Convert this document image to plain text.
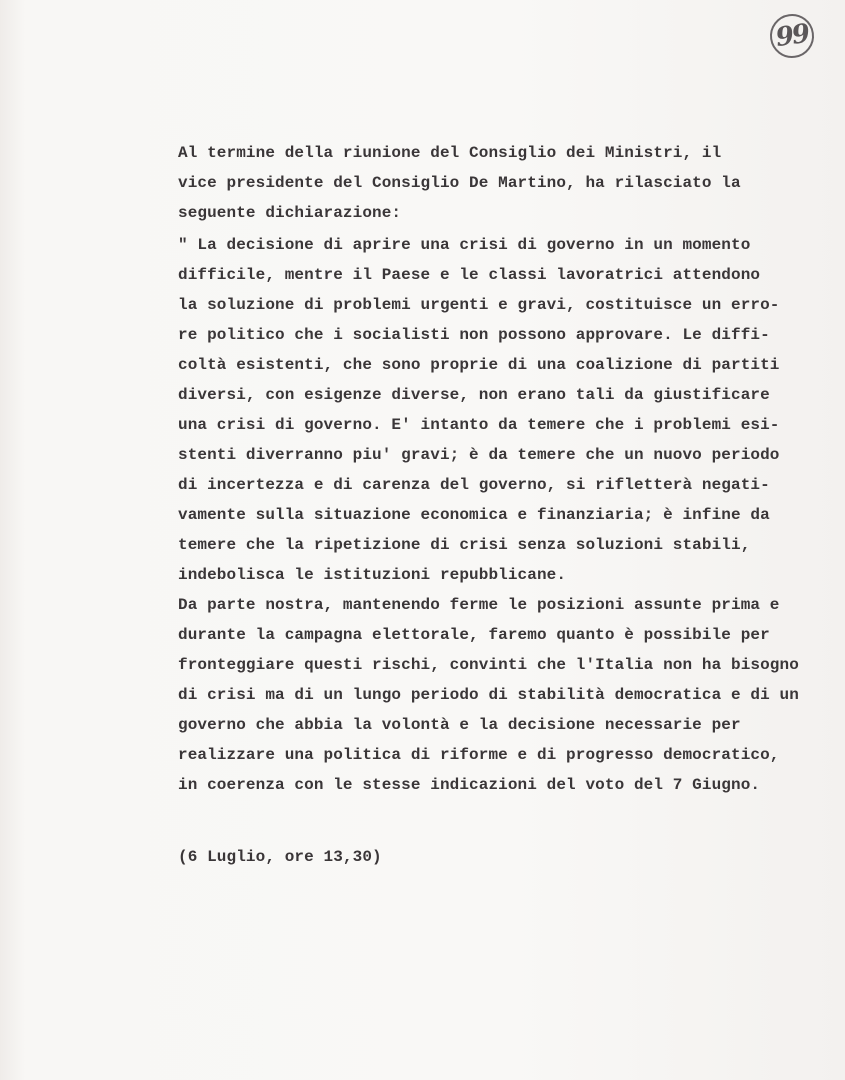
99
Al termine della riunione del Consiglio dei Ministri, il
vice presidente del Consiglio De Martino, ha rilasciato la
seguente dichiarazione:
" La decisione di aprire una crisi di governo in un momento
difficile, mentre il Paese e le classi lavoratrici attendono
la soluzione di problemi urgenti e gravi, costituisce un erro-
re politico che i socialisti non possono approvare. Le diffi-
coltà esistenti, che sono proprie di una coalizione di partiti
diversi, con esigenze diverse, non erano tali da giustificare
una crisi di governo. E' intanto da temere che i problemi esi-
stenti diverranno piu' gravi; è da temere che un nuovo periodo
di incertezza e di carenza del governo, si rifletterà negati-
vamente sulla situazione economica e finanziaria; è infine da
temere che la ripetizione di crisi senza soluzioni stabili,
indebolisca le istituzioni repubblicane.
Da parte nostra, mantenendo ferme le posizioni assunte prima e
durante la campagna elettorale, faremo quanto è possibile per
fronteggiare questi rischi, convinti che l'Italia non ha bisogno
di crisi ma di un lungo periodo di stabilità democratica e di un
governo che abbia la volontà e la decisione necessarie per
realizzare una politica di riforme e di progresso democratico,
in coerenza con le stesse indicazioni del voto del 7 Giugno.
(6 Luglio, ore 13,30)
